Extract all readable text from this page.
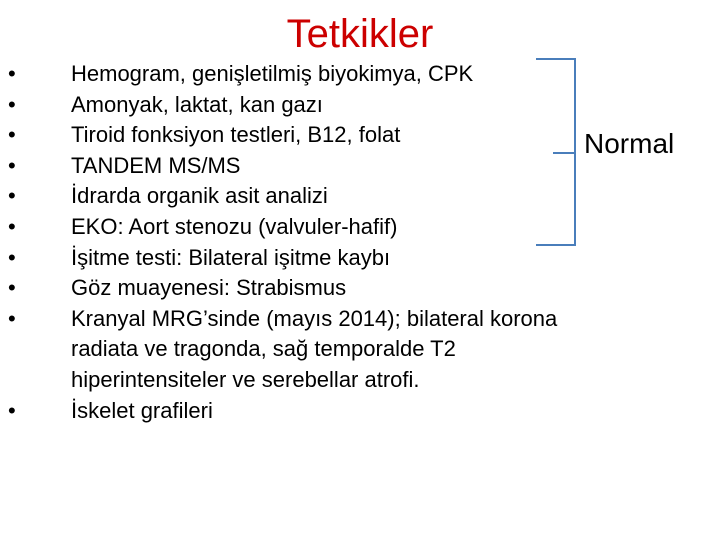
Tetkikler
•	Hemogram, genişletilmiş biyokimya, CPK
•	Amonyak, laktat, kan gazı
•	Tiroid fonksiyon testleri, B12, folat
•	TANDEM MS/MS
•	İdrarda organik asit analizi
•	EKO: Aort stenozu (valvuler-hafif)
•	İşitme testi: Bilateral işitme kaybı
•	Göz muayenesi: Strabismus
•	Kranyal MRG’sinde (mayıs 2014); bilateral korona
radiata ve tragonda, sağ temporalde T2
hiperintensiteler ve serebellar atrofi.
•	İskelet grafileri
Normal
